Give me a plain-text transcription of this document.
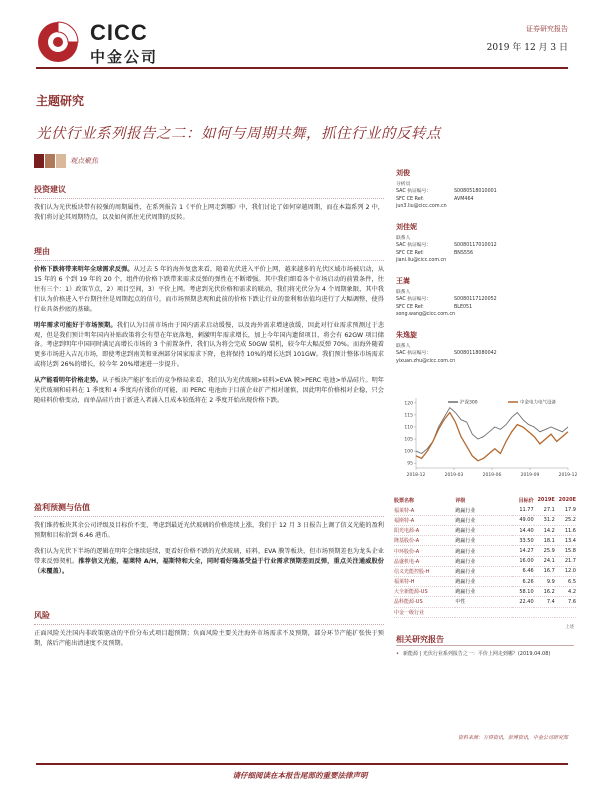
CICC
中金公司
证券研究报告
2019 年 12 月 3 日
主题研究
光伏行业系列报告之二：如何与周期共舞，抓住行业的反转点
观点聚焦
投资建议
我们认为光伏板块带有较强的周期属性，在系列报告 1《平价上网走到哪》中，我们讨论了如何穿越周期，而在本篇系列 2 中，我们将讨论其周期特点，以及如何抓住光伏周期的反转。
理由
价格下跌将带来明年全球需求反弹。从过去 5 年的海外复盘来看，随着光伏进入平价上网，越来越多的光伏区域市场被启动，从 15 年的 6 个到 19 年的 20 个，组件的价格下跌带来需求反弹的弹性在不断增强。其中我们细看各个市场启动的前置条件，往往有三个：1）政策节点，2）项目空间，3）平价上网。考虑到光伏价格和需求的联动，我们将光伏分为 4 个周期象限，其中我们认为价格进入平台期往往是周期起点的信号，而市场预期悲观和此前的价格下跌让行业的盈利和估值均进行了大幅调整，使得行业具备抄底的基础。
明年需求可能好于市场预期。我们认为目前市场由于国内需求启动缓慢，以及海外需求增速放缓，因此对行业需求预测过于悲观，但是我们预计明年国内补贴政策将会有望在年底落地，刺激明年需求增长，加上今年国内遗留项目，将会有 62GW 项目储备。考虑到明年中国同时满足高增长市场的 3 个前置条件，我们认为将会完成 50GW 装机，较今年大幅反弹 70%。而海外随着更多市场进入吉瓦市场，即使考虑到南美和亚洲部分国家需求下降，也将保持 10%的增长达到 101GW。我们预计整体市场需求或将达到 26%的增长，较今年 20%增速进一步提升。
从产能看明年价格走势。从子板块产能扩张后的竞争格局来看，我们认为光伏玻璃>硅料>EVA 膜>PERC 电池>单晶硅片。明年光伏玻璃和硅料在 1 季度和 4 季度均有涨价的可能，而 PERC 电池由于目前企业扩产相对谨慎，因此明年价格相对企稳，只会随硅料价格变动，而单晶硅片由于新进入者涌入且成本较低将在 2 季度开始出现价格下跌。
盈利预测与估值
我们维持板块其余公司评级及目标价不变，考虑到最近光伏玻璃的价格连续上涨，我们于 12 月 3 日报告上调了信义光能的盈利预期和目标价到 6.46 港币。
我们认为光伏下半场的逻辑在明年会继续延续，更看好价格不跌的光伏玻璃，硅料，EVA 膜等板块，但市场预期差也为龙头企业带来反弹契机。推荐信义光能，福莱特 A/H，福斯特和大全，同时看好隆基受益于行业需求预期差而反弹，重点关注通威股份（未覆盖）。
风险
正面风险关注国内非政策驱动的平价分布式项目超预期；负面风险主要关注海外市场需求不及预期，部分环节产能扩张快于预期，落后产能出清速度不及预期。
刘俊
分析员
SAC 执证编号：	S0080518010001
SFC CE Ref:	AVM464
jun3.liu@cicc.com.cn
刘佳妮
联系人
SAC 执证编号：	S0080117010012
SFC CE Ref:	BNS556
jiani.liu@cicc.com.cn
王嵩
联系人
SAC 执证编号：	S0080117120052
SFC CE Ref:	BLE051
song.wang@cicc.com.cn
朱逸旋
联系人
SAC 执证编号：	S0080118080042
yixuan.zhu@cicc.com.cn
95
100
105
110
115
120
2018-12	2019-03	2019-06	2019-09	2019-12
沪深300	中金电力电气设备
股票名称	评级	目标价	2019E	2020E
福莱特-A	跑赢行业	11.77	27.1	17.9
福斯特-A	跑赢行业	49.00	31.2	25.2
阳光电源-A	跑赢行业	14.40	14.2	11.6
隆基股份-A	跑赢行业	33.50	18.1	13.4
中环股份-A	跑赢行业	14.27	25.9	15.8
晶盛机电-A	跑赢行业	16.00	24.1	21.7
信义光能控股-H	跑赢行业	6.46	16.7	12.0
福莱特-H	跑赢行业	6.26	9.9	6.5
大全新能源-US	跑赢行业	58.10	16.2	4.2
晶科能源-US	中性	22.40	7.4	7.6
中金一级行业				
上述
相关研究报告
• 新能源 | 光伏行业系列报告之一：平价上网走到哪？(2019.04.08)
资料来源：万得资讯，彭博资讯，中金公司研究部
请仔细阅读在本报告尾部的重要法律声明
